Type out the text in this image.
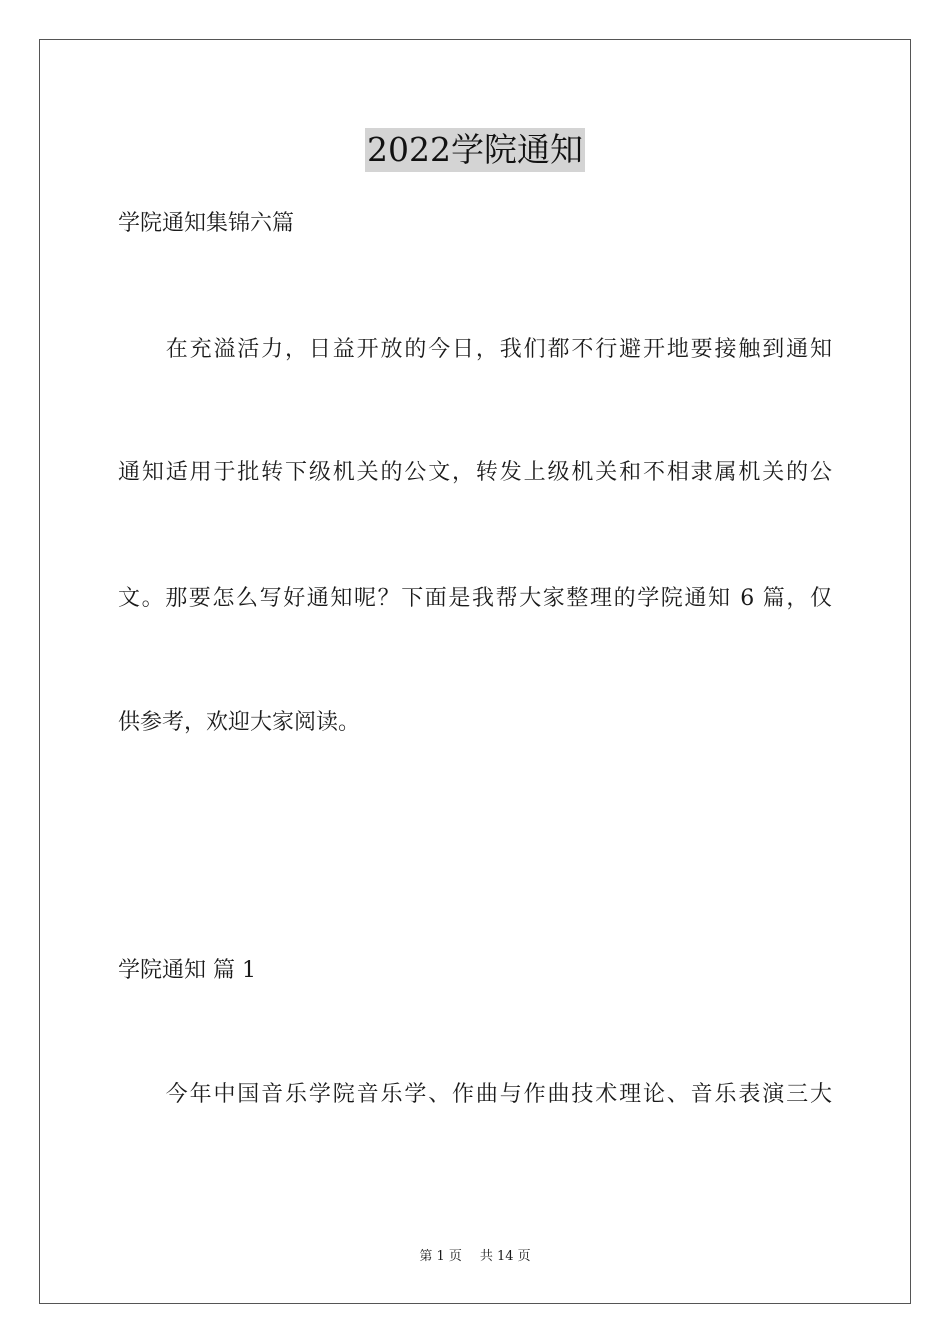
2022学院通知
学院通知集锦六篇
　　在充溢活力，日益开放的今日，我们都不行避开地要接触到通知
通知适用于批转下级机关的公文，转发上级机关和不相隶属机关的公
文。那要怎么写好通知呢？下面是我帮大家整理的学院通知 6 篇，仅
供参考，欢迎大家阅读。
学院通知 篇 1
　　今年中国音乐学院音乐学、作曲与作曲技术理论、音乐表演三大
第 1 页 共 14 页
